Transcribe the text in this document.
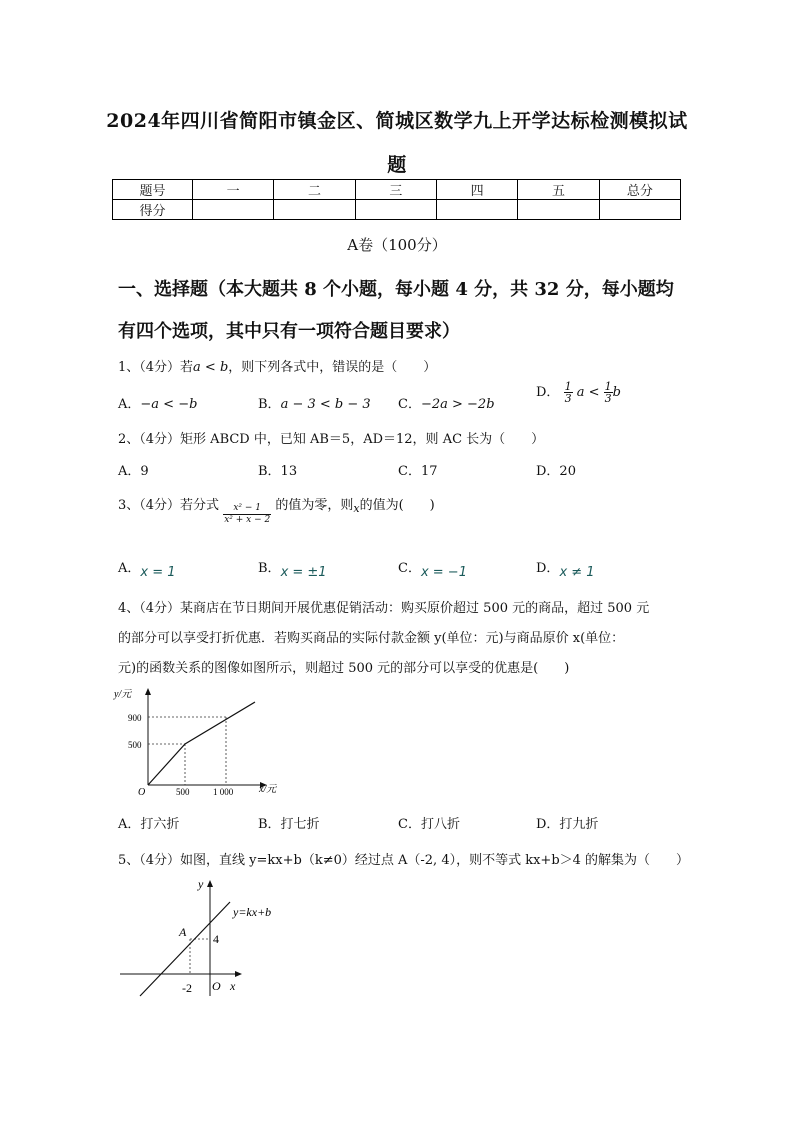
2024年四川省简阳市镇金区、简城区数学九上开学达标检测模拟试
题
题号	一	二	三	四	五	总分
得分						
A卷（100分）
一、选择题（本大题共 8 个小题，每小题 4 分，共 32 分，每小题均
有四个选项，其中只有一项符合题目要求）
1、（4分）若a < b，则下列各式中，错误的是（　　）
A．−a < −b	B．a − 3 < b − 3 C．−2a > −2b
D． $\frac{1}{3}$ $a < \frac{1}{3}$ b
2、（4分）矩形 ABCD 中，已知 AB＝5，AD＝12，则 AC 长为（　　）
A．9	B．13	C．17	D．20
3、（4分）若分式 $\frac{\text{x² − 1}}{\text{x² + x − 2}}$ 的值为零，则$_x$的值为(　　)
A．x = 1	B．x = ±1	C．x = −1	D．x ≠ 1
4、（4分）某商店在节日期间开展优惠促销活动：购买原价超过 500 元的商品，超过 500 元
的部分可以享受打折优惠．若购买商品的实际付款金额 y(单位：元)与商品原价 x(单位：
元)的函数关系的图像如图所示，则超过 500 元的部分可以享受的优惠是(　　)
y/元
x/元
O
900
500
500	1 000
A．打六折	B．打七折	C．打八折	D．打九折
5、（4分）如图，直线 y=kx+b（k≠0）经过点 A（-2, 4），则不等式 kx+b＞4 的解集为（　　）
y
x
O
y=kx+b
A 4
-2
